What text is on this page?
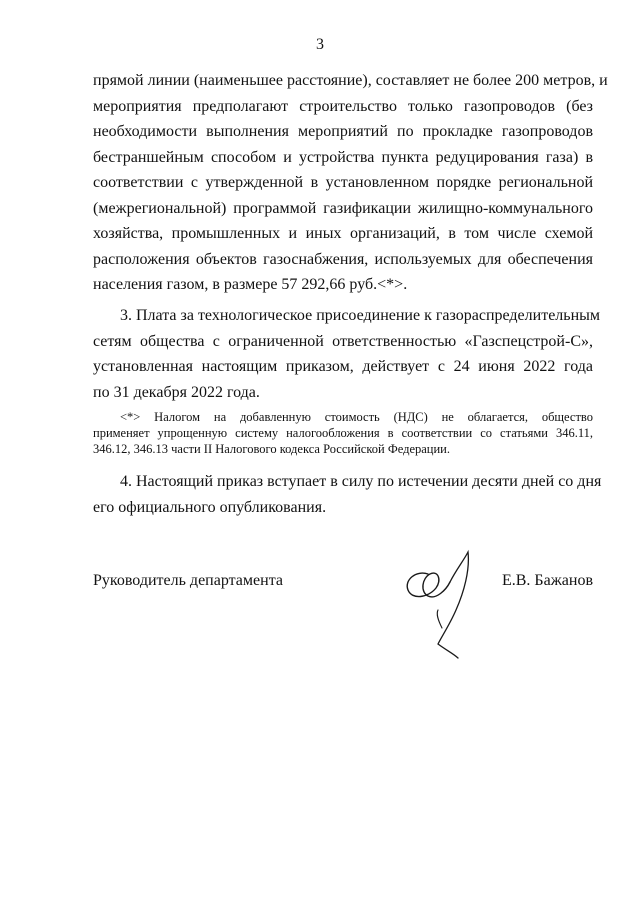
3
прямой линии (наименьшее расстояние), составляет не более 200 метров, и
мероприятия предполагают строительство только газопроводов (без
необходимости выполнения мероприятий по прокладке газопроводов
бестраншейным способом и устройства пункта редуцирования газа) в
соответствии с утвержденной в установленном порядке региональной
(межрегиональной) программой газификации жилищно-коммунального
хозяйства, промышленных и иных организаций, в том числе схемой
расположения объектов газоснабжения, используемых для обеспечения
населения газом, в размере 57 292,66 руб.<*>.
3. Плата за технологическое присоединение к газораспределительным
сетям общества с ограниченной ответственностью «Газспецстрой-С»,
установленная настоящим приказом, действует с 24 июня 2022 года
по 31 декабря 2022 года.
<*> Налогом на добавленную стоимость (НДС) не облагается, общество
применяет упрощенную систему налогообложения в соответствии со статьями 346.11,
346.12, 346.13 части II Налогового кодекса Российской Федерации.
4. Настоящий приказ вступает в силу по истечении десяти дней со дня
его официального опубликования.
Руководитель департамента	Е.В. Бажанов
